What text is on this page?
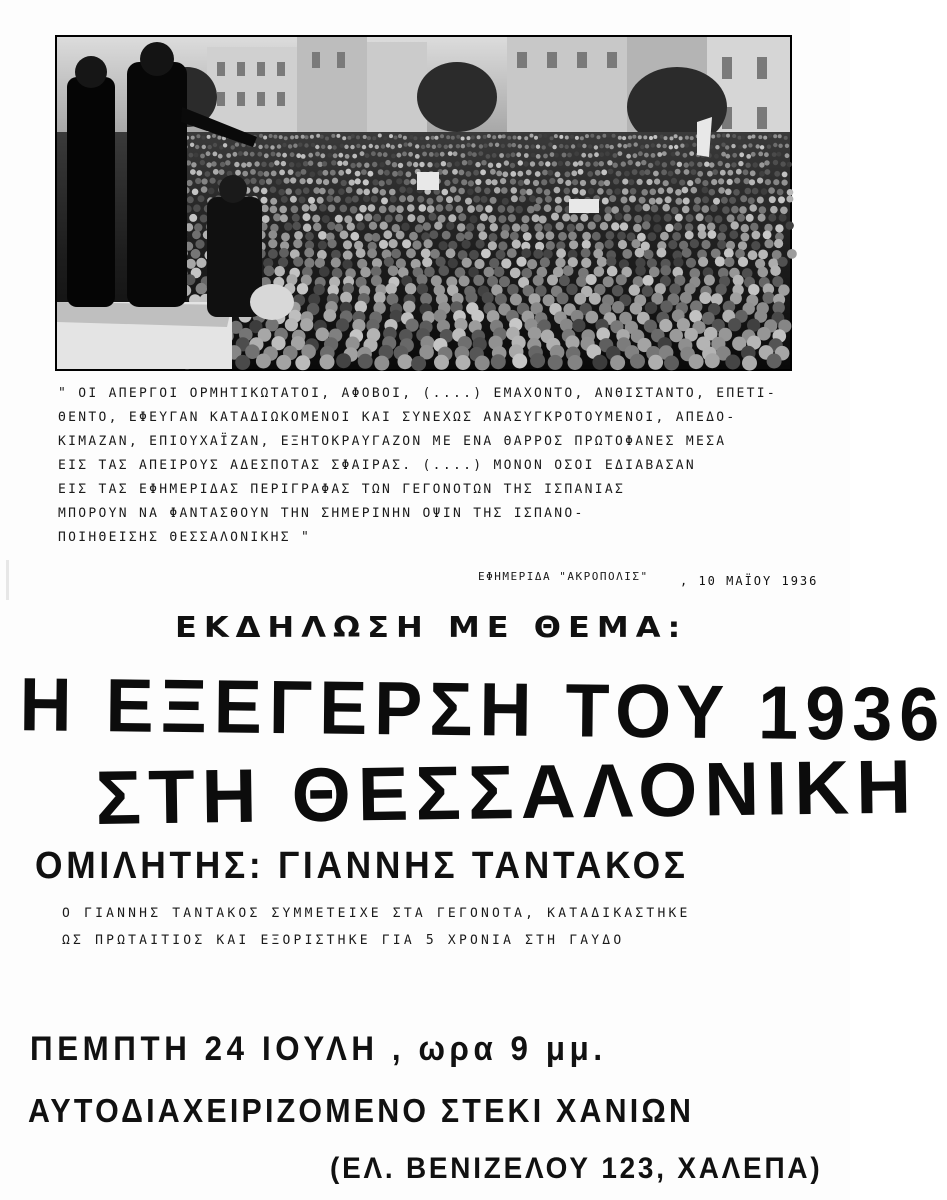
" ΟΙ ΑΠΕΡΓΟΙ ΟΡΜΗΤΙΚΩΤΑΤΟΙ, ΑΦΟΒΟΙ, (....) ΕΜΑΧΟΝΤΟ, ΑΝΘΙΣΤΑΝΤΟ, ΕΠΕΤΙ-
ΘΕΝΤΟ, ΕΦΕΥΓΑΝ ΚΑΤΑΔΙΩΚΟΜΕΝΟΙ ΚΑΙ ΣΥΝΕΧΩΣ ΑΝΑΣΥΓΚΡΟΤΟΥΜΕΝΟΙ, ΑΠΕΔΟ-
ΚΙΜΑΖΑΝ, ΕΠΙΟΥΧΑΪΖΑΝ, ΕΞΗΤΟΚΡΑΥΓΑΖΟΝ ΜΕ ΕΝΑ ΘΑΡΡΟΣ ΠΡΩΤΟΦΑΝΕΣ ΜΕΣΑ
ΕΙΣ ΤΑΣ ΑΠΕΙΡΟΥΣ ΑΔΕΣΠΟΤΑΣ ΣΦΑΙΡΑΣ. (....) ΜΟΝΟΝ ΟΣΟΙ ΕΔΙΑΒΑΣΑΝ
ΕΙΣ ΤΑΣ ΕΦΗΜΕΡΙΔΑΣ ΠΕΡΙΓΡΑΦΑΣ ΤΩΝ ΓΕΓΟΝΟΤΩΝ ΤΗΣ ΙΣΠΑΝΙΑΣ
ΜΠΟΡΟΥΝ ΝΑ ΦΑΝΤΑΣΘΟΥΝ ΤΗΝ ΣΗΜΕΡΙΝΗΝ ΟΨΙΝ ΤΗΣ ΙΣΠΑΝΟ-
ΠΟΙΗΘΕΙΣΗΣ ΘΕΣΣΑΛΟΝΙΚΗΣ "
ΕΦΗΜΕΡΙΔΑ "ΑΚΡΟΠΟΛΙΣ"	, 10 ΜΑΪΟΥ 1936
ΕΚΔΗΛΩΣΗ ΜΕ ΘΕΜΑ:
Η ΕΞΕΓΕΡΣΗ ΤΟΥ 1936
ΣΤΗ ΘΕΣΣΑΛΟΝΙΚΗ
ΟΜΙΛΗΤΗΣ: ΓΙΑΝΝΗΣ ΤΑΝΤΑΚΟΣ
Ο ΓΙΑΝΝΗΣ ΤΑΝΤΑΚΟΣ ΣΥΜΜΕΤΕΙΧΕ ΣΤΑ ΓΕΓΟΝΟΤΑ, ΚΑΤΑΔΙΚΑΣΤΗΚΕ
ΩΣ ΠΡΩΤΑΙΤΙΟΣ ΚΑΙ ΕΞΟΡΙΣΤΗΚΕ ΓΙΑ 5 ΧΡΟΝΙΑ ΣΤΗ ΓΑΥΔΟ
ΠΕΜΠΤΗ 24 ΙΟΥΛΗ , ωρα 9 μμ.
ΑΥΤΟΔΙΑΧΕΙΡΙΖΟΜΕΝΟ ΣΤΕΚΙ ΧΑΝΙΩΝ
(ΕΛ. ΒΕΝΙΖΕΛΟΥ 123, ΧΑΛΕΠΑ)
